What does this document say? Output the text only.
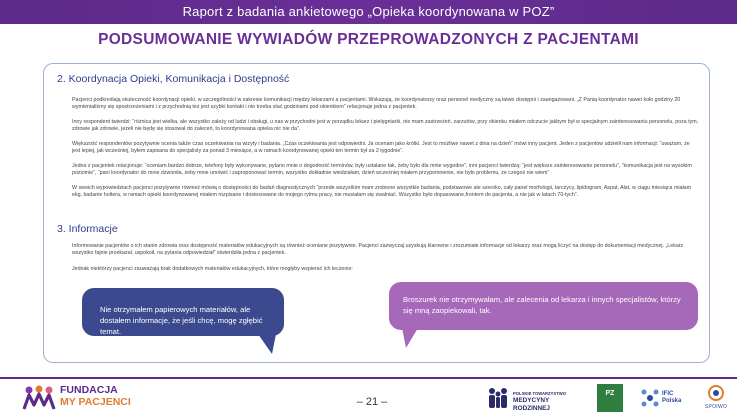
Raport z badania ankietowego „Opieka koordynowana w POZ”
PODSUMOWANIE WYWIADÓW PRZEPROWADZONYCH Z PACJENTAMI
2. Koordynacja Opieki, Komunikacja i Dostępność

Pacjenci podkreślają skuteczność koordynacji opieki, w szczególności w zakresie komunikacji między lekarzami a pacjentami. Wskazują, że koordynatorzy oraz personel medyczny są łatwo dostępni i zaangażowani. „Z Panią koordynator nawet koło godziny 20 wymienialiśmy się spostrzeżeniami i z przychodnią też jest szybki kontakt i nie trzeba stać godzinami pod okienkiem” relacjonuje jedna z pacjentek.

Inny respondent twierdzi: “różnica jest wielka, ale wszystko zależy od ludzi i obsługi, u nas w przychodni jest w porządku lekarz i pielęgniarki, nie mam zastrzeżeń, zarzutów, przy okienku miałem odczucie jakbym był w specjalnym zainteresowaniu personelu, poza tym, zdrowie jak zdrowie, jeżeli nie będę się stosował do zaleceń, to koordynowana opieka nic nie da”.

Większość respondentów pozytywnie ocenia także czas oczekiwania na wizyty i badania. „Czas oczekiwania jest odpowiedni. Ja ocenam jako krótki. Jest to możliwe nawet z dnia na dzień” mówi inny pacjent. Jeden z pacjentów udzielił nam informacji: “uważam, że jest lepiej, jak wcześniej, byłem zapisana do specjalisty za ponad 3 miesiące, a w ramach koordynowanej opieki ten termin był za 2 tygodnie”.

Jedna z pacjentek relacjonuje: “oceniam bardzo dobrze, telefony były wykonywane, pytano mnie o dogodność terminów, były ustalane tak, żeby było dla mnie wygodne”, inni pacjenci twierdzą: “jest większe zainteresowanie personelu”, “komunikacja jest na wysokim poziomie”, “pani koordynator do mnie dzwoniła, żeby mnie umówić i zaproponować termin, wszystko dokładnie wiedziałam, dzień wcześniej miałem przypomnienie, nie było problemu, że czegoś nie wiem”

W swoich wypowiedziach pacjenci pozytywnie również mówią o dostępności do badań diagnostycznych “przede wszystkim mam zrobione wszystkie badania, podstawowe ale szeroko, cały panel morfologii, tarczycy, lipidogram, Aspat, Alat, w ciągu miesiąca miałam ekg, badanie holtera, w ramach opieki koordynowanej miałem rozpisane i dostosowane do mojego rytmu pracy, nie musiałam się zwalniać. Wszystko było dopasowane,frontem do pacjenta, a nie jak w latach 70-tych”.

3. Informacje

Informowanie pacjentów o ich stanie zdrowia oraz dostępność materiałów edukacyjnych są również oceniane pozytywnie. Pacjenci zazwyczaj uzyskują klarowne i zrozumiałe informacje od lekarzy oraz mogą liczyć na dostęp do dokumentacji medycznej. „Lekarz wszystko fajnie przekazał, uspokoił, na pytania odpowiedział” stwierdziła jedna z pacjentek.

Jednak niektórzy pacjenci zauważają brak dodatkowych materiałów edukacyjnych, które mogłyby wspierać ich leczenie:

Nie otrzymałem papierowych materiałów, ale dostałem informacje, że jeśli chcę, mogę zgłębić temat.
Broszurek nie otrzymywałam, ale zalecenia od lekarza i innych specjalistów, którzy się mną zaopiekowali, tak.
FUNDACJA
MY PACJENCI	– 21 –
POLSKIE TOWARZYSTWO
MEDYCYNY RODZINNEJ
PZ	IFIC
Polska
SPOIWO
